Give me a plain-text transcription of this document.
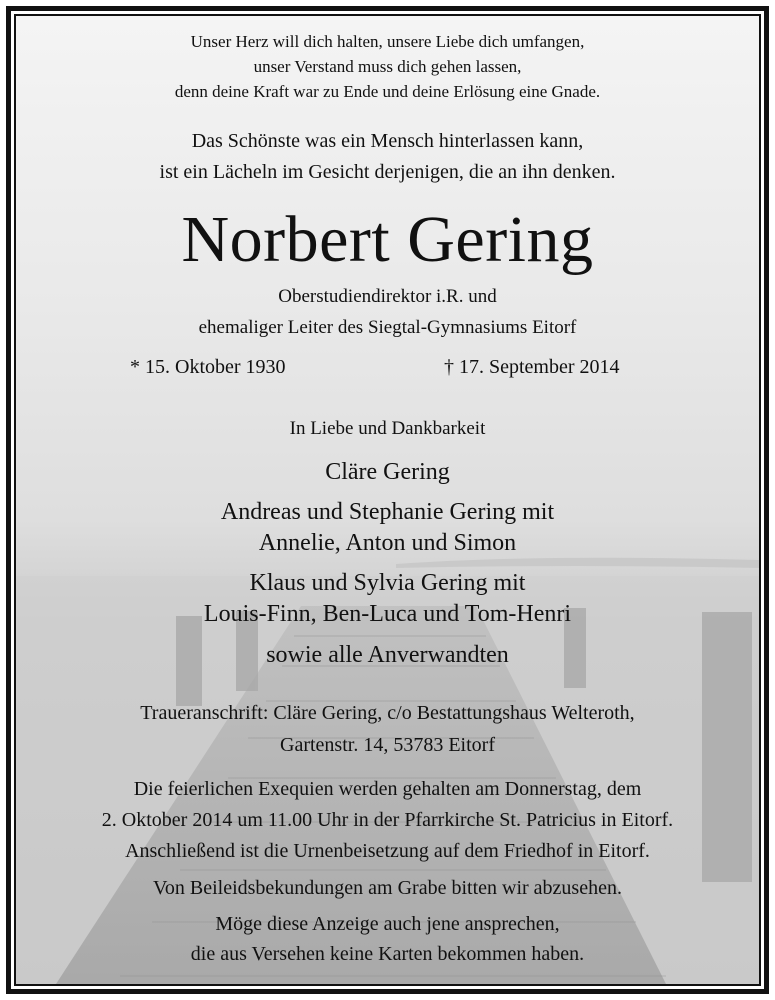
Unser Herz will dich halten, unsere Liebe dich umfangen,
unser Verstand muss dich gehen lassen,
denn deine Kraft war zu Ende und deine Erlösung eine Gnade.
Das Schönste was ein Mensch hinterlassen kann,
ist ein Lächeln im Gesicht derjenigen, die an ihn denken.
Norbert Gering
Oberstudiendirektor i.R. und
ehemaliger Leiter des Siegtal-Gymnasiums Eitorf
* 15. Oktober 1930	† 17. September 2014
In Liebe und Dankbarkeit
Cläre Gering
Andreas und Stephanie Gering mit
Annelie, Anton und Simon
Klaus und Sylvia Gering mit
Louis-Finn, Ben-Luca und Tom-Henri
sowie alle Anverwandten
Traueranschrift: Cläre Gering, c/o Bestattungshaus Welteroth,
Gartenstr. 14, 53783 Eitorf
Die feierlichen Exequien werden gehalten am Donnerstag, dem
2. Oktober 2014 um 11.00 Uhr in der Pfarrkirche St. Patricius in Eitorf.
Anschließend ist die Urnenbeisetzung auf dem Friedhof in Eitorf.
Von Beileidsbekundungen am Grabe bitten wir abzusehen.
Möge diese Anzeige auch jene ansprechen,
die aus Versehen keine Karten bekommen haben.
